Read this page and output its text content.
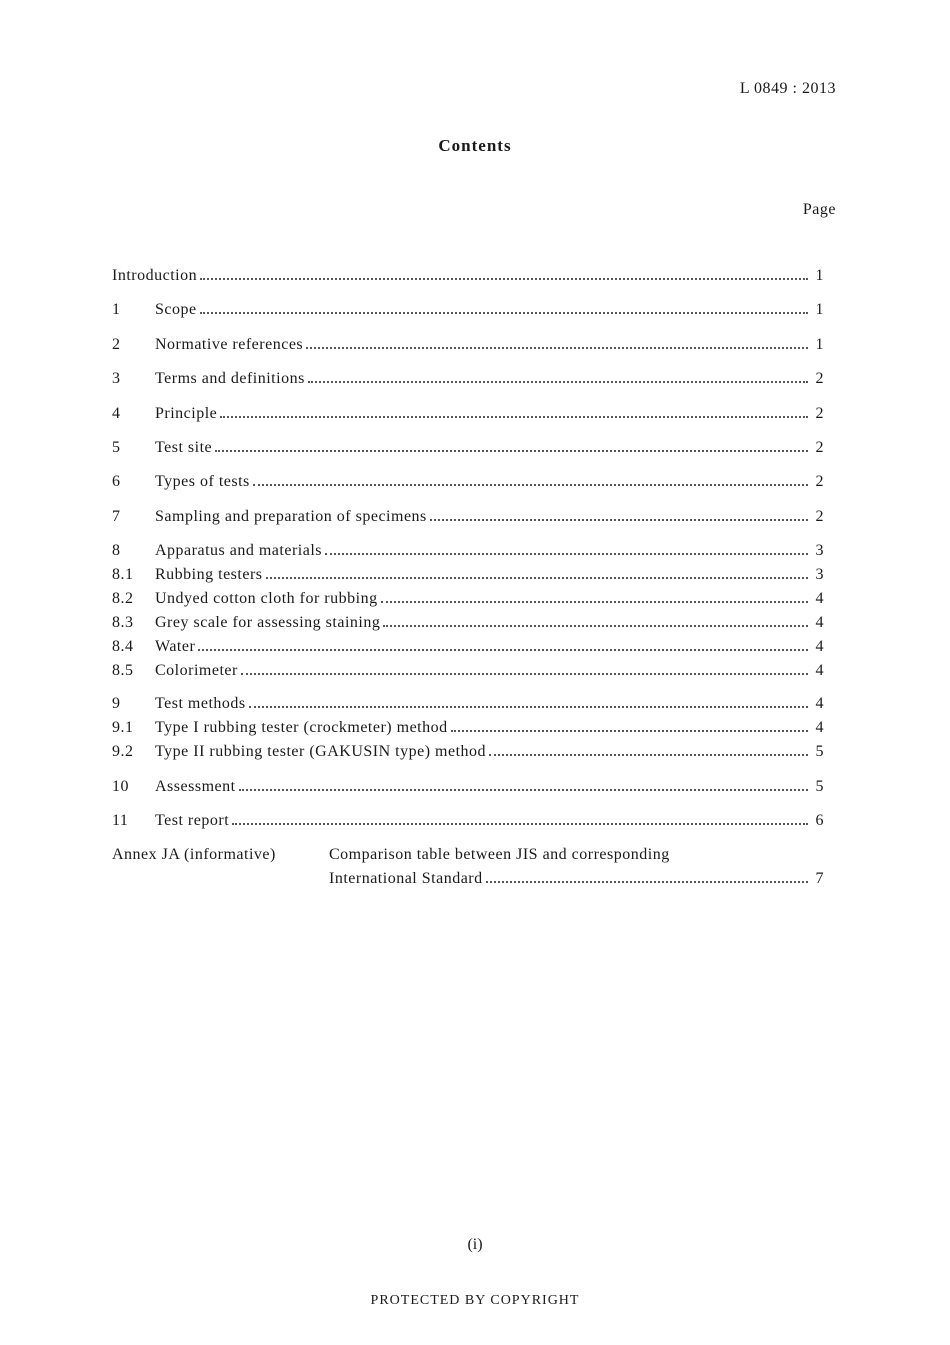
L 0849 : 2013
Contents
Page
Introduction	1
1	Scope	1
2	Normative references	1
3	Terms and definitions	2
4	Principle	2
5	Test site	2
6	Types of tests	2
7	Sampling and preparation of specimens	2
8	Apparatus and materials	3
8.1	Rubbing testers	3
8.2	Undyed cotton cloth for rubbing	4
8.3	Grey scale for assessing staining	4
8.4	Water	4
8.5	Colorimeter	4
9	Test methods	4
9.1	Type I rubbing tester (crockmeter) method	4
9.2	Type II rubbing tester (GAKUSIN type) method	5
10	Assessment	5
11	Test report	6
Annex JA (informative)	Comparison table between JIS and corresponding
International Standard	7
(i)
PROTECTED BY COPYRIGHT
